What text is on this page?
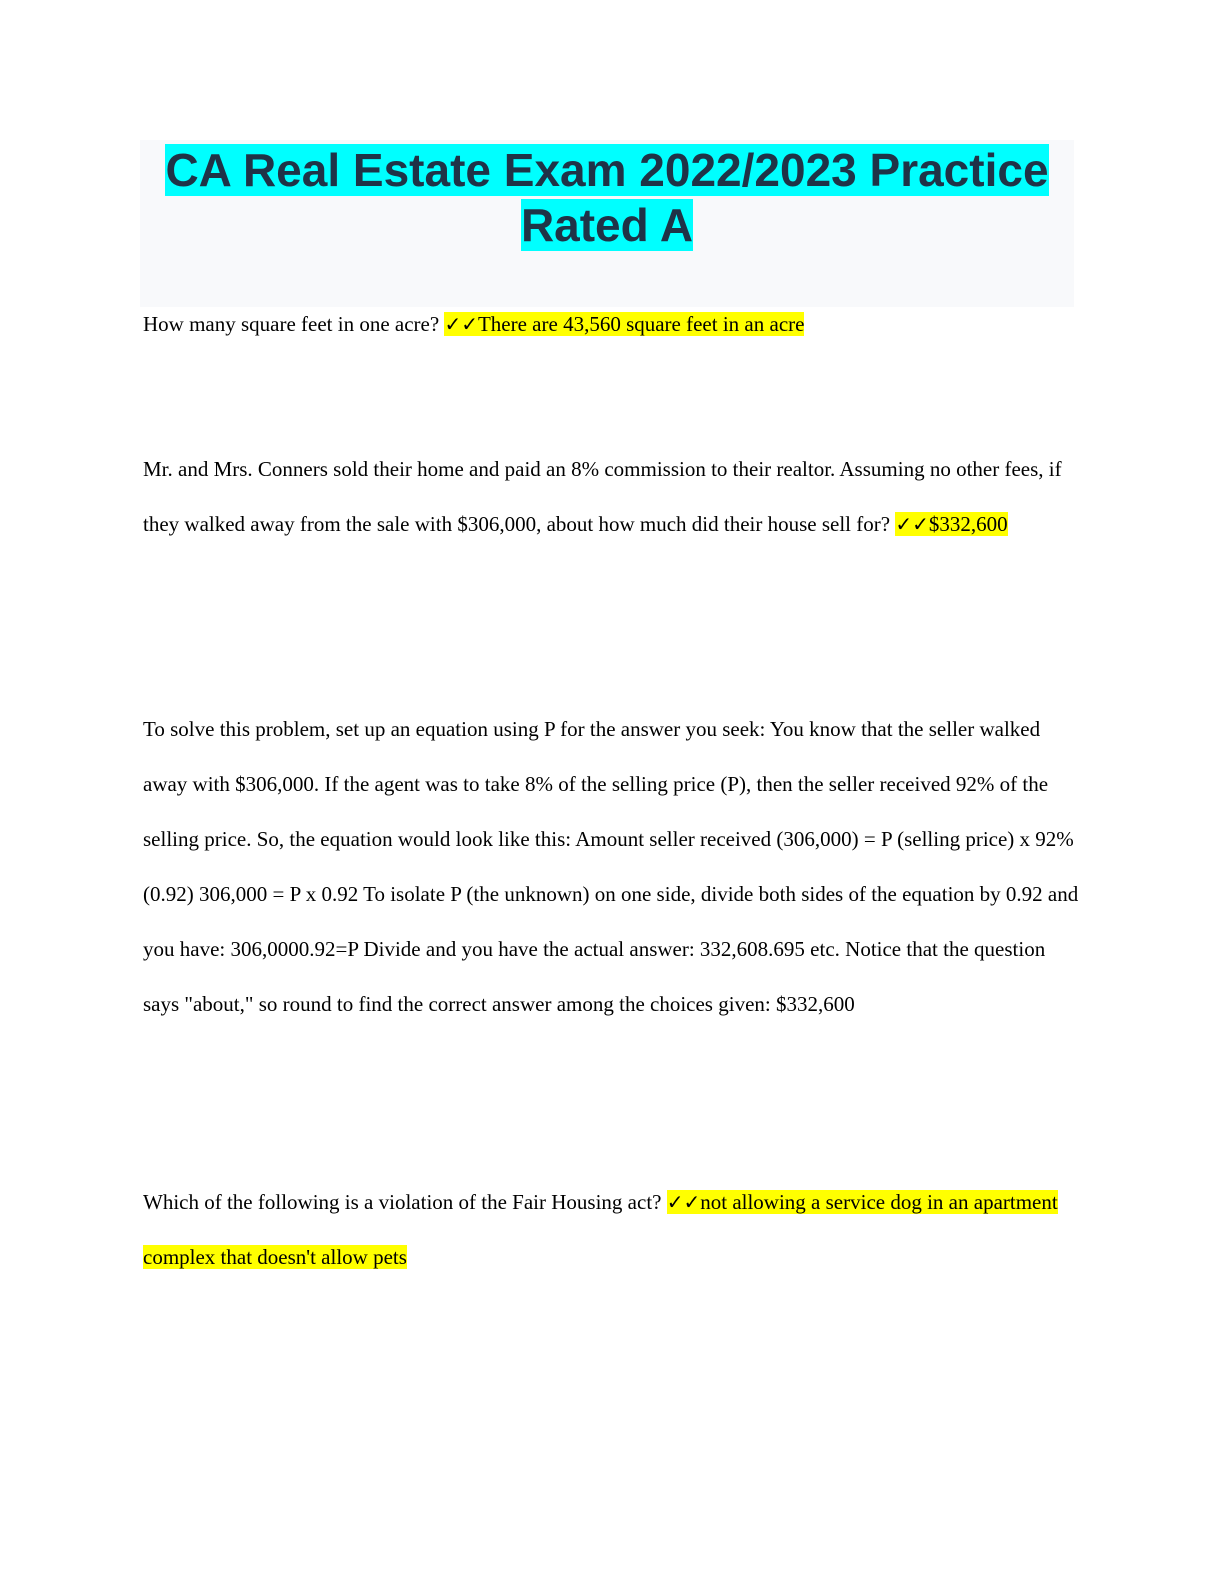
CA Real Estate Exam 2022/2023 Practice
Rated A

How many square feet in one acre? ✓✓There are 43,560 square feet in an acre

Mr. and Mrs. Conners sold their home and paid an 8% commission to their realtor. Assuming no other fees, if they walked away from the sale with $306,000, about how much did their house sell for? ✓✓$332,600

To solve this problem, set up an equation using P for the answer you seek: You know that the seller walked away with $306,000. If the agent was to take 8% of the selling price (P), then the seller received 92% of the selling price. So, the equation would look like this: Amount seller received (306,000) = P (selling price) x 92% (0.92) 306,000 = P x 0.92 To isolate P (the unknown) on one side, divide both sides of the equation by 0.92 and you have: 306,0000.92=P Divide and you have the actual answer: 332,608.695 etc. Notice that the question says "about," so round to find the correct answer among the choices given: $332,600

Which of the following is a violation of the Fair Housing act? ✓✓not allowing a service dog in an apartment complex that doesn't allow pets
